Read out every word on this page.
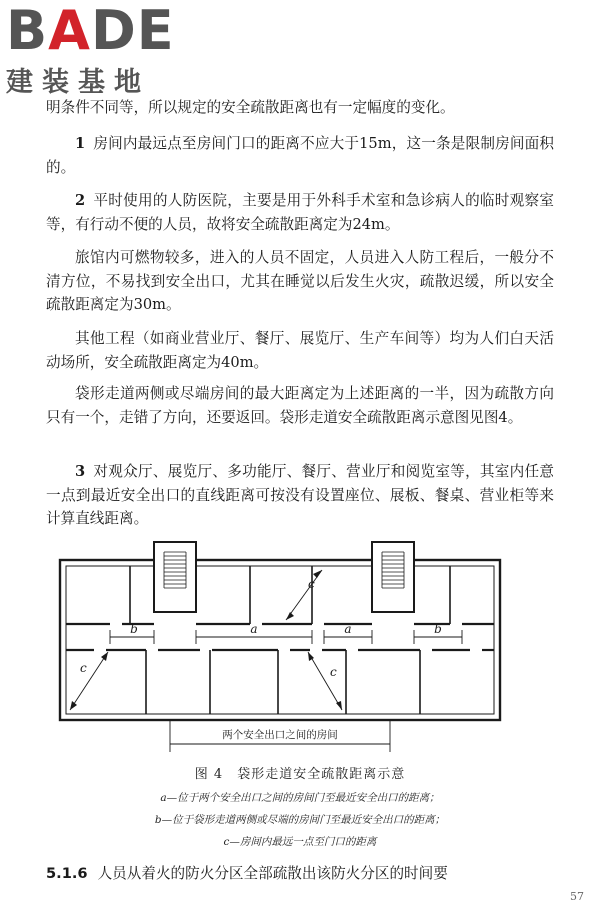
BADE
建装基地
明条件不同等，所以规定的安全疏散距离也有一定幅度的变化。
1 房间内最远点至房间门口的距离不应大于15m，这一条是限制房间面积的。
2 平时使用的人防医院，主要是用于外科手术室和急诊病人的临时观察室等，有行动不便的人员，故将安全疏散距离定为24m。
旅馆内可燃物较多，进入的人员不固定，人员进入人防工程后，一般分不清方位，不易找到安全出口，尤其在睡觉以后发生火灾，疏散迟缓，所以安全疏散距离定为30m。
其他工程（如商业营业厅、餐厅、展览厅、生产车间等）均为人们白天活动场所，安全疏散距离定为40m。
袋形走道两侧或尽端房间的最大距离定为上述距离的一半，因为疏散方向只有一个，走错了方向，还要返回。袋形走道安全疏散距离示意图见图4。
3 对观众厅、展览厅、多功能厅、餐厅、营业厅和阅览室等，其室内任意一点到最近安全出口的直线距离可按没有设置座位、展板、餐桌、营业柜等来计算直线距离。
b	a	a	b
c	c
c
两个安全出口之间的房间
图 4　袋形走道安全疏散距离示意
a—位于两个安全出口之间的房间门至最近安全出口的距离；
b—位于袋形走道两侧或尽端的房间门至最近安全出口的距离；
c—房间内最远一点至门口的距离
5.1.6 人员从着火的防火分区全部疏散出该防火分区的时间要
57
